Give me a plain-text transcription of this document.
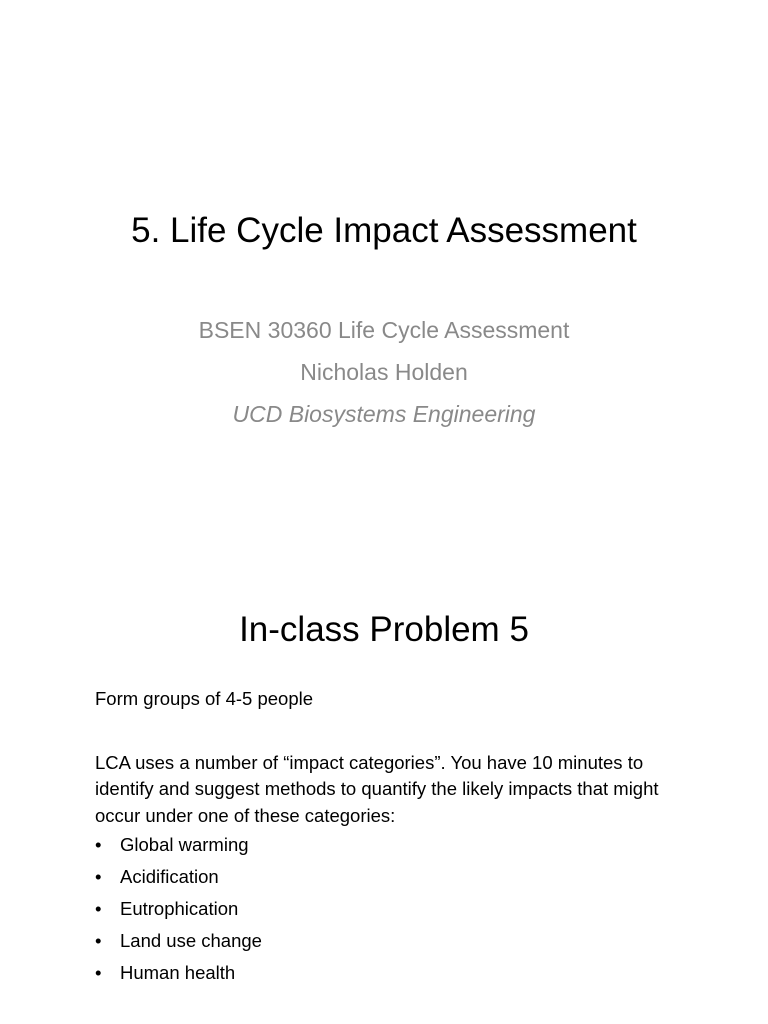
5. Life Cycle Impact Assessment
BSEN 30360 Life Cycle Assessment
Nicholas Holden
UCD Biosystems Engineering
In-class Problem 5

Form groups of 4-5 people

LCA uses a number of “impact categories”. You have 10 minutes to identify and suggest methods to quantify the likely impacts that might occur under one of these categories:

• Global warming
• Acidification
• Eutrophication
• Land use change
• Human health
